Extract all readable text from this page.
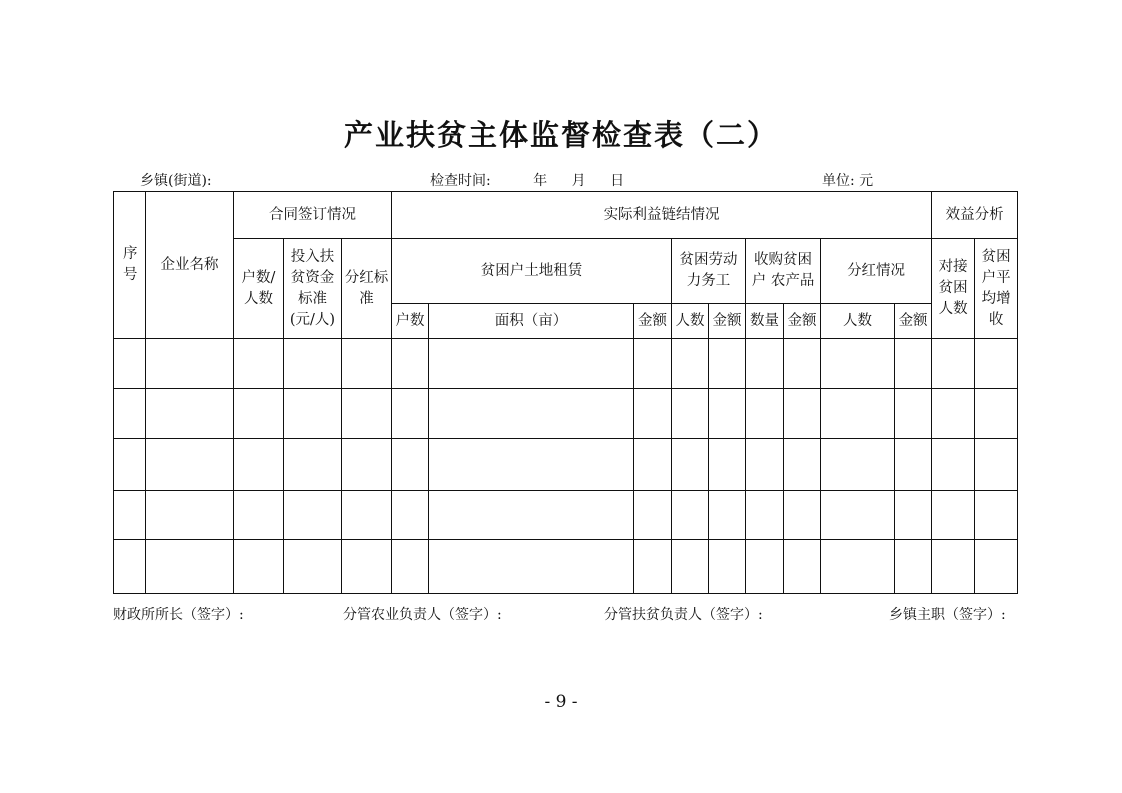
产业扶贫主体监督检查表（二）
乡镇(街道):	检查时间:	年 月 日	单位: 元
序号	企业名称	合同签订情况			实际利益链结情况									效益分析	
		户数/人数	投入扶贫资金标准(元/人)	分红标准	贫困户土地租赁			贫困劳动力务工		收购贫困户 农产品		分红情况		对接贫困人数	贫困户平均增收
					户数	面积（亩）	金额	人数	金额	数量	金额	人数	金额		

财政所所长（签字）:	分管农业负责人（签字）:	分管扶贫负责人（签字）:	乡镇主职（签字）:
- 9 -
